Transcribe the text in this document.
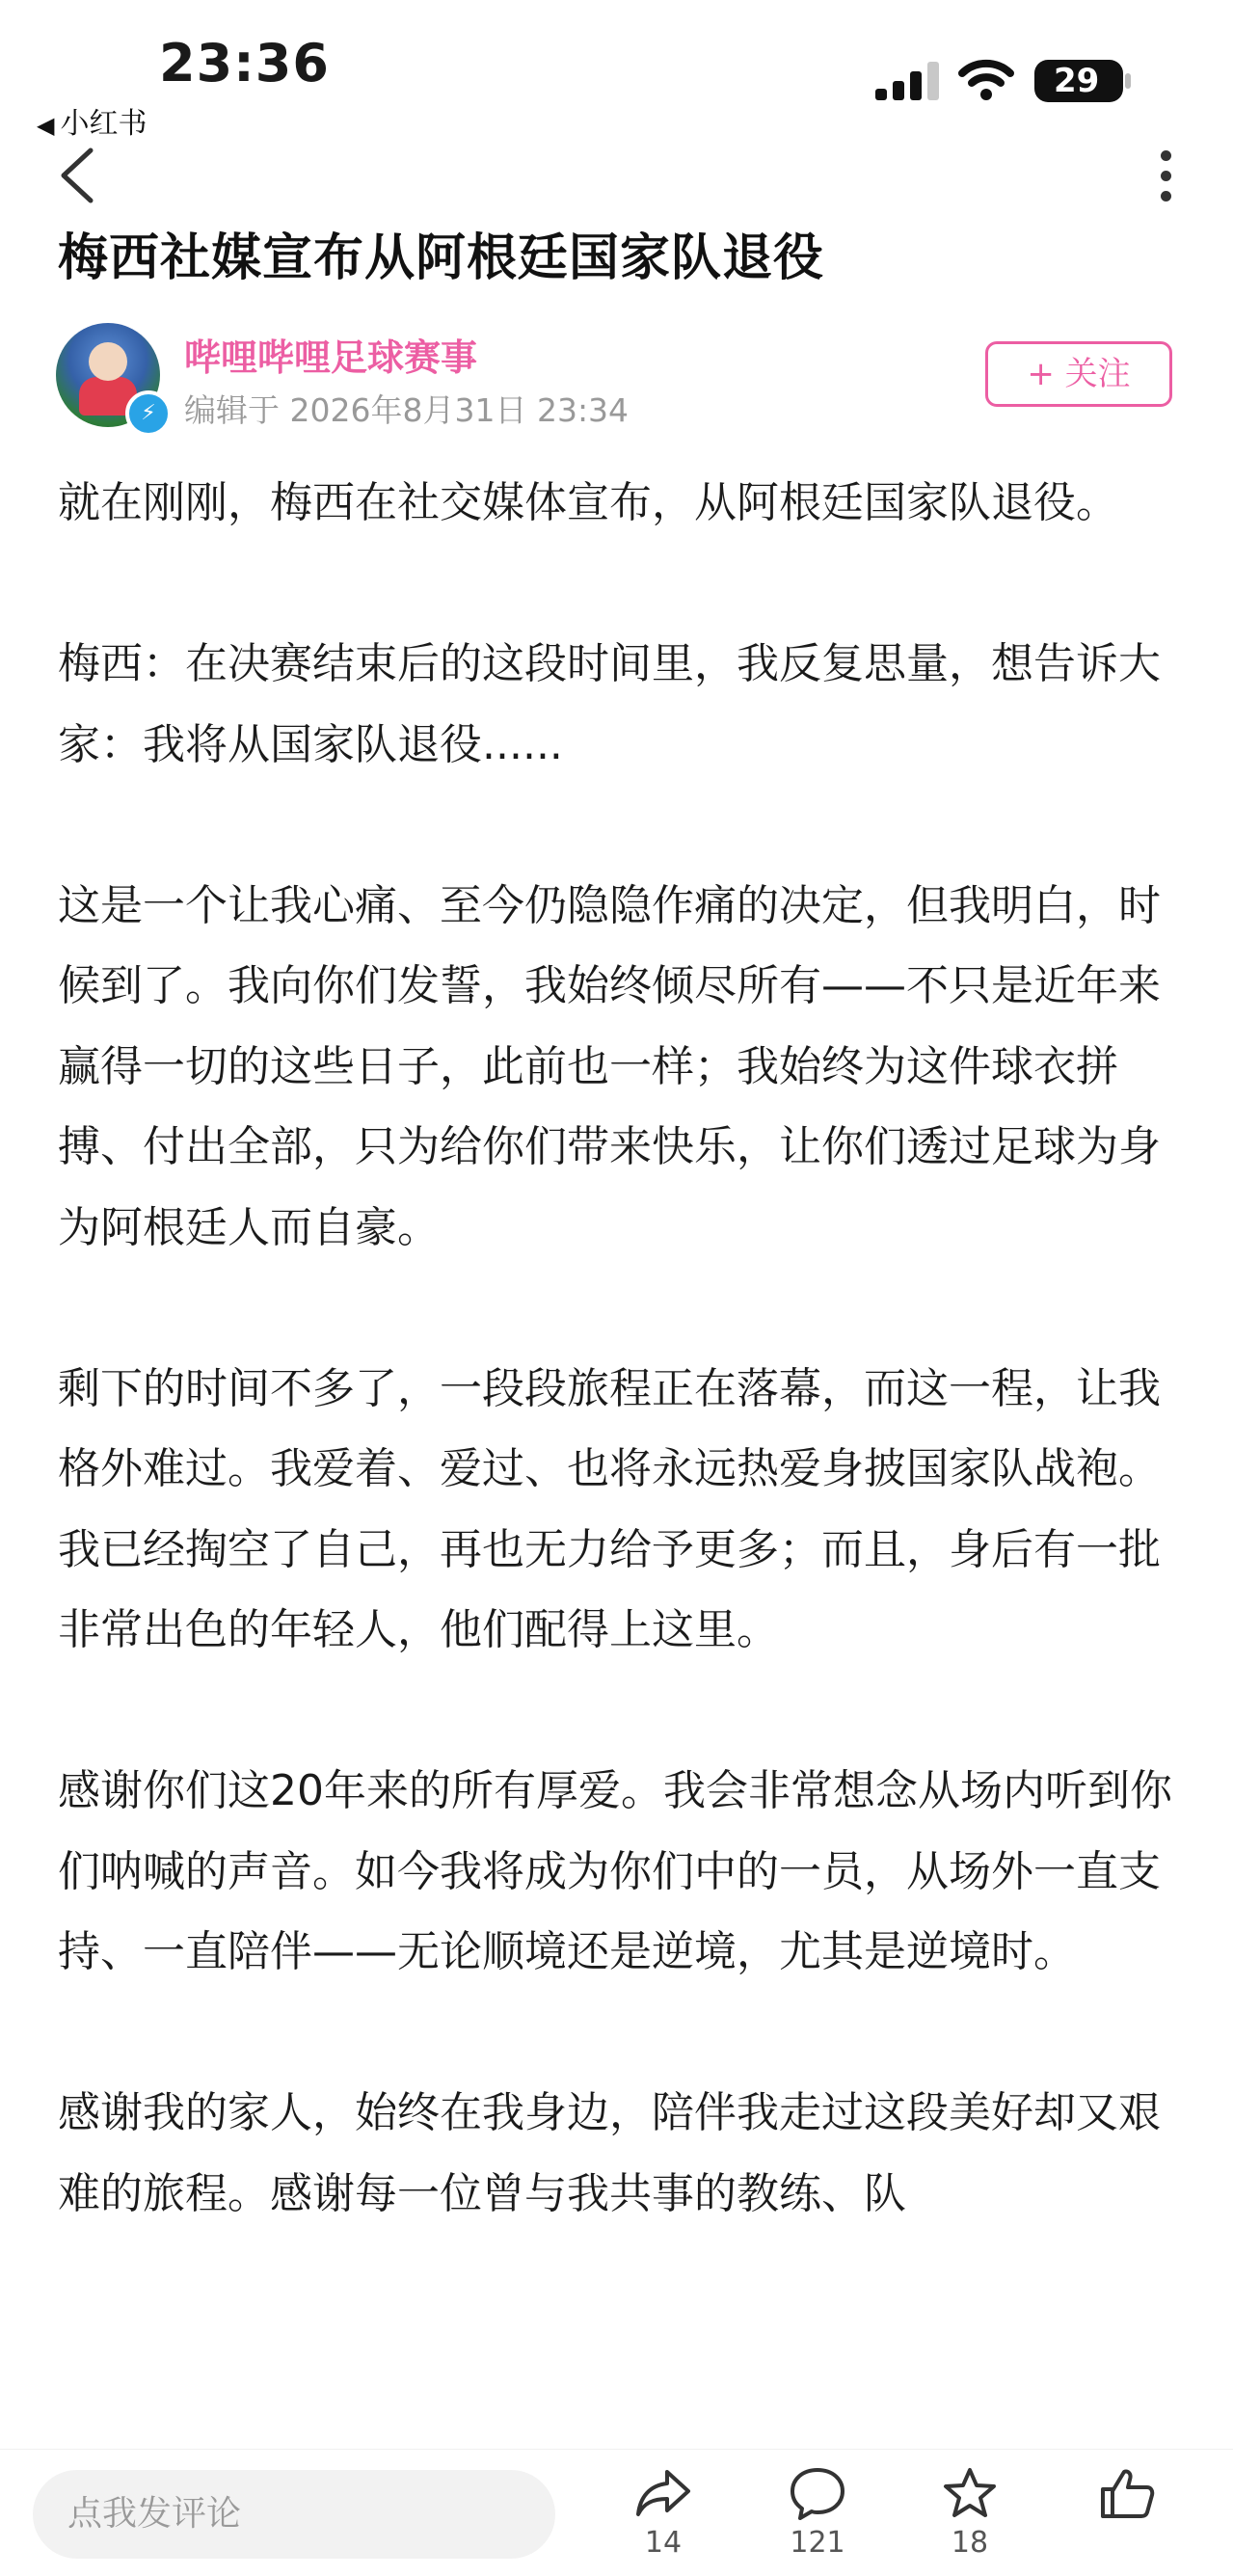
23:36
◀ 小红书
29
梅西社媒宣布从阿根廷国家队退役
⚡
哔哩哔哩足球赛事
编辑于 2026年8月31日 23:34
+ 关注

就在刚刚，梅西在社交媒体宣布，从阿根廷国家队退役。

梅西：在决赛结束后的这段时间里，我反复思量，想告诉大家：我将从国家队退役......

这是一个让我心痛、至今仍隐隐作痛的决定，但我明白，时候到了。我向你们发誓，我始终倾尽所有——不只是近年来赢得一切的这些日子，此前也一样；我始终为这件球衣拼搏、付出全部，只为给你们带来快乐，让你们透过足球为身为阿根廷人而自豪。

剩下的时间不多了，一段段旅程正在落幕，而这一程，让我格外难过。我爱着、爱过、也将永远热爱身披国家队战袍。我已经掏空了自己，再也无力给予更多；而且，身后有一批非常出色的年轻人，他们配得上这里。

感谢你们这20年来的所有厚爱。我会非常想念从场内听到你们呐喊的声音。如今我将成为你们中的一员，从场外一直支持、一直陪伴——无论顺境还是逆境，尤其是逆境时。

感谢我的家人，始终在我身边，陪伴我走过这段美好却又艰难的旅程。感谢每一位曾与我共事的教练、队

点我发评论
14	121	18
